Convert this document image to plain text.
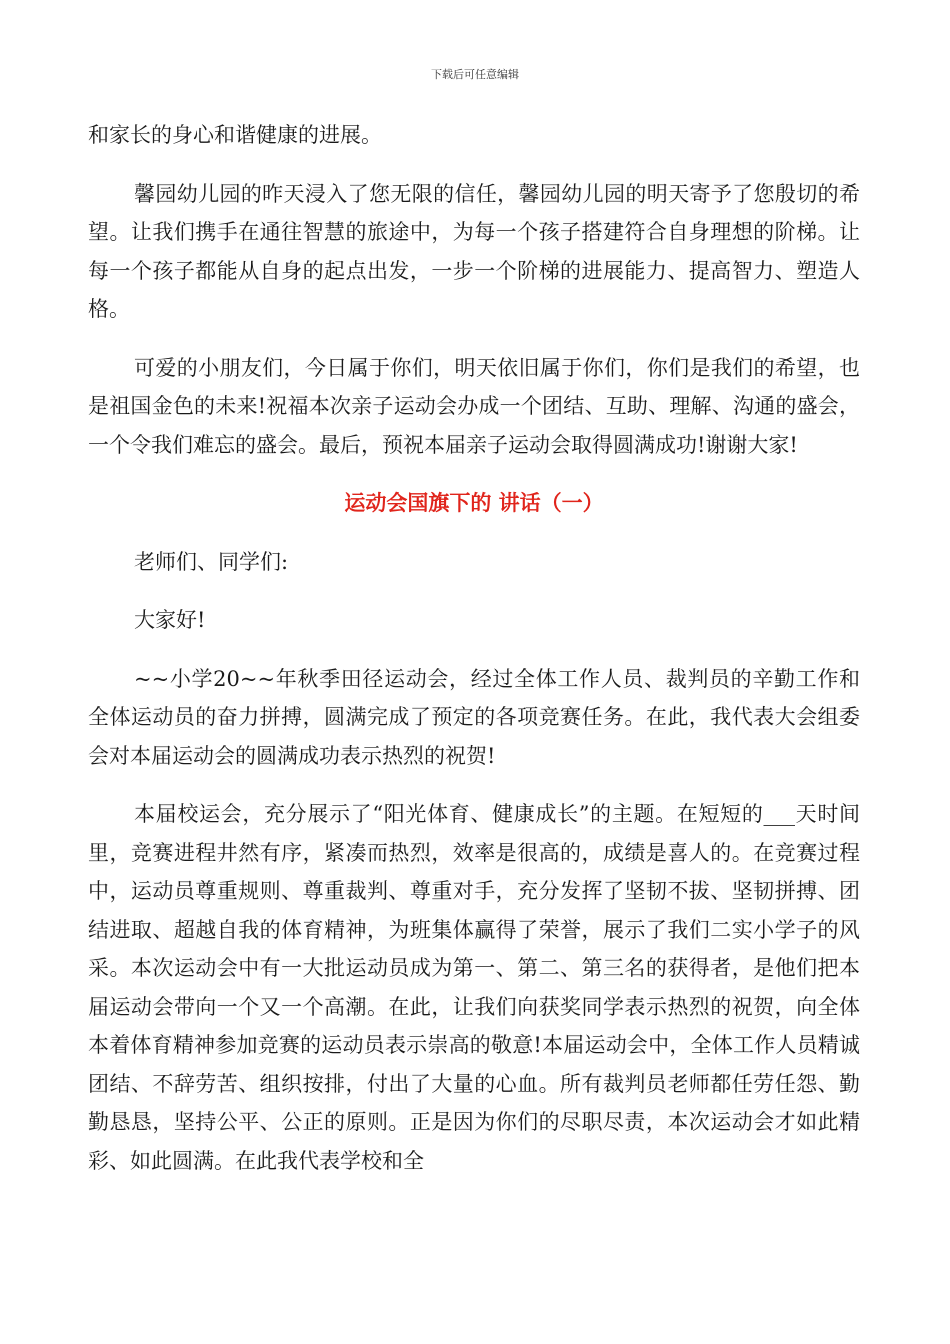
下载后可任意编辑

和家长的身心和谐健康的进展。

馨园幼儿园的昨天浸入了您无限的信任，馨园幼儿园的明天寄予了您殷切的希望。让我们携手在通往智慧的旅途中，为每一个孩子搭建符合自身理想的阶梯。让每一个孩子都能从自身的起点出发，一步一个阶梯的进展能力、提高智力、塑造人格。

可爱的小朋友们，今日属于你们，明天依旧属于你们，你们是我们的希望，也是祖国金色的未来!祝福本次亲子运动会办成一个团结、互助、理解、沟通的盛会，一个令我们难忘的盛会。最后，预祝本届亲子运动会取得圆满成功!谢谢大家!

运动会国旗下的 讲话（一）

老师们、同学们:

大家好!

~~小学20~~年秋季田径运动会，经过全体工作人员、裁判员的辛勤工作和全体运动员的奋力拼搏，圆满完成了预定的各项竞赛任务。在此，我代表大会组委会对本届运动会的圆满成功表示热烈的祝贺!

本届校运会，充分展示了“阳光体育、健康成长”的主题。在短短的___天时间里，竞赛进程井然有序，紧凑而热烈，效率是很高的，成绩是喜人的。在竞赛过程中，运动员尊重规则、尊重裁判、尊重对手，充分发挥了坚韧不拔、坚韧拼搏、团结进取、超越自我的体育精神，为班集体赢得了荣誉，展示了我们二实小学子的风采。本次运动会中有一大批运动员成为第一、第二、第三名的获得者，是他们把本届运动会带向一个又一个高潮。在此，让我们向获奖同学表示热烈的祝贺，向全体本着体育精神参加竞赛的运动员表示崇高的敬意!本届运动会中，全体工作人员精诚团结、不辞劳苦、组织按排，付出了大量的心血。所有裁判员老师都任劳任怨、勤勤恳恳，坚持公平、公正的原则。正是因为你们的尽职尽责，本次运动会才如此精彩、如此圆满。在此我代表学校和全
